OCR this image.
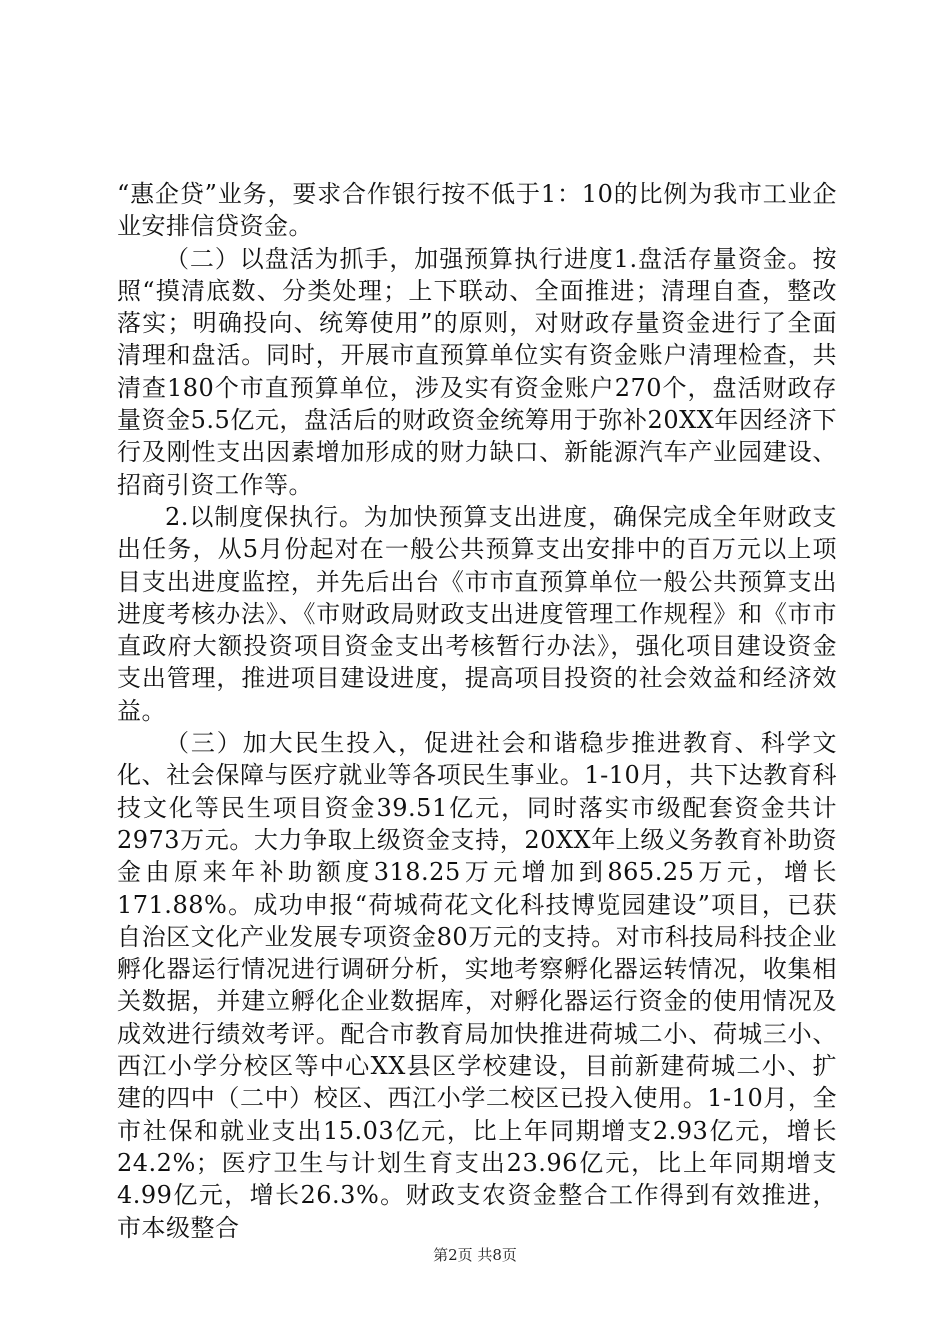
“惠企贷”业务，要求合作银行按不低于1：10的比例为我市工业企业安排信贷资金。

（二）以盘活为抓手，加强预算执行进度1.盘活存量资金。按照“摸清底数、分类处理；上下联动、全面推进；清理自查，整改落实；明确投向、统筹使用”的原则，对财政存量资金进行了全面清理和盘活。同时，开展市直预算单位实有资金账户清理检查，共清查180个市直预算单位，涉及实有资金账户270个，盘活财政存量资金5.5亿元，盘活后的财政资金统筹用于弥补20XX年因经济下行及刚性支出因素增加形成的财力缺口、新能源汽车产业园建设、招商引资工作等。

2.以制度保执行。为加快预算支出进度，确保完成全年财政支出任务，从5月份起对在一般公共预算支出安排中的百万元以上项目支出进度监控，并先后出台《市市直预算单位一般公共预算支出进度考核办法》、《市财政局财政支出进度管理工作规程》和《市市直政府大额投资项目资金支出考核暂行办法》，强化项目建设资金支出管理，推进项目建设进度，提高项目投资的社会效益和经济效益。

（三）加大民生投入，促进社会和谐稳步推进教育、科学文化、社会保障与医疗就业等各项民生事业。1-10月，共下达教育科技文化等民生项目资金39.51亿元，同时落实市级配套资金共计2973万元。大力争取上级资金支持，20XX年上级义务教育补助资金由原来年补助额度318.25万元增加到865.25万元，增长171.88%。成功申报“荷城荷花文化科技博览园建设”项目，已获自治区文化产业发展专项资金80万元的支持。对市科技局科技企业孵化器运行情况进行调研分析，实地考察孵化器运转情况，收集相关数据，并建立孵化企业数据库，对孵化器运行资金的使用情况及成效进行绩效考评。配合市教育局加快推进荷城二小、荷城三小、西江小学分校区等中心XX县区学校建设，目前新建荷城二小、扩建的四中（二中）校区、西江小学二校区已投入使用。1-10月，全市社保和就业支出15.03亿元，比上年同期增支2.93亿元，增长24.2%；医疗卫生与计划生育支出23.96亿元，比上年同期增支4.99亿元，增长26.3%。财政支农资金整合工作得到有效推进，市本级整合

第2页 共8页
